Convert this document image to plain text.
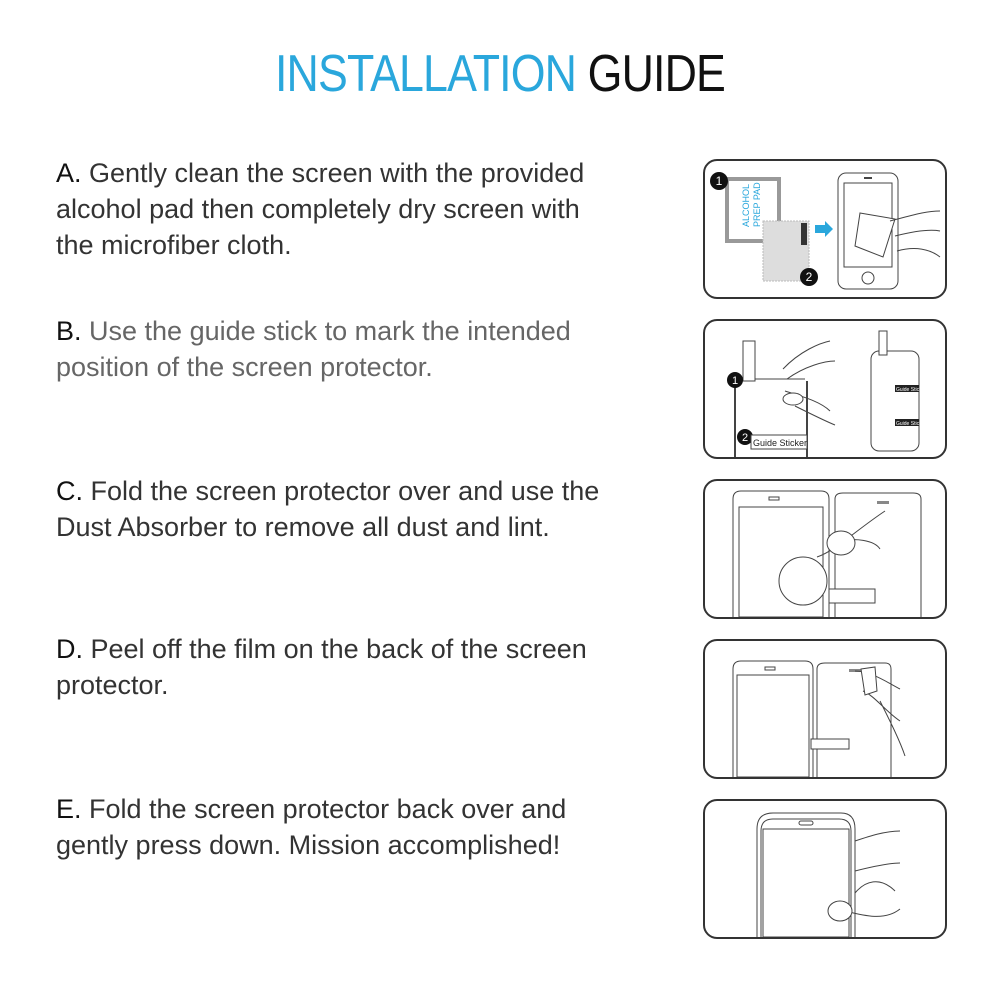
INSTALLATION GUIDE
A. Gently clean the screen with the provided alcohol pad then completely dry screen with the microfiber cloth.
B. Use the guide stick to mark the intended position of the screen protector.
C. Fold the screen protector over and use the Dust Absorber to remove all dust and lint.
D. Peel off the film on the back of the screen protector.
E. Fold the screen protector back over and gently press down. Mission accomplished!
ALCOHOL PREP PAD
1
2
1
2 Guide Sticker
Guide Sticker
Guide Sticker
